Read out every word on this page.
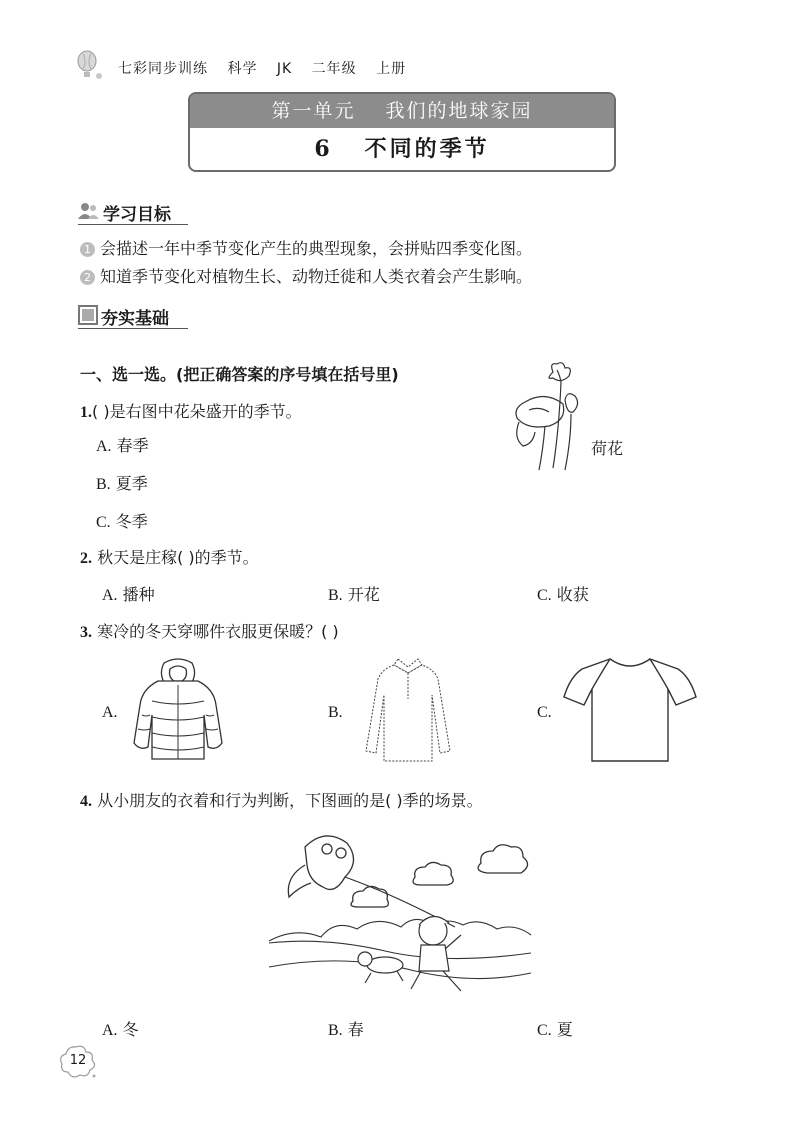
七彩同步训练 科学 JK 二年级 上册
第一单元 我们的地球家园
6 不同的季节
学习目标
1 会描述一年中季节变化产生的典型现象，会拼贴四季变化图。
2 知道季节变化对植物生长、动物迁徙和人类衣着会产生影响。
夯实基础
一、选一选。(把正确答案的序号填在括号里)
1.( )是右图中花朵盛开的季节。
A. 春季
B. 夏季
C. 冬季
荷花
2. 秋天是庄稼( )的季节。
A. 播种	B. 开花	C. 收获
3. 寒冷的冬天穿哪件衣服更保暖？( )
A.	B.	C.
4. 从小朋友的衣着和行为判断，下图画的是( )季的场景。
A. 冬	B. 春	C. 夏
12
